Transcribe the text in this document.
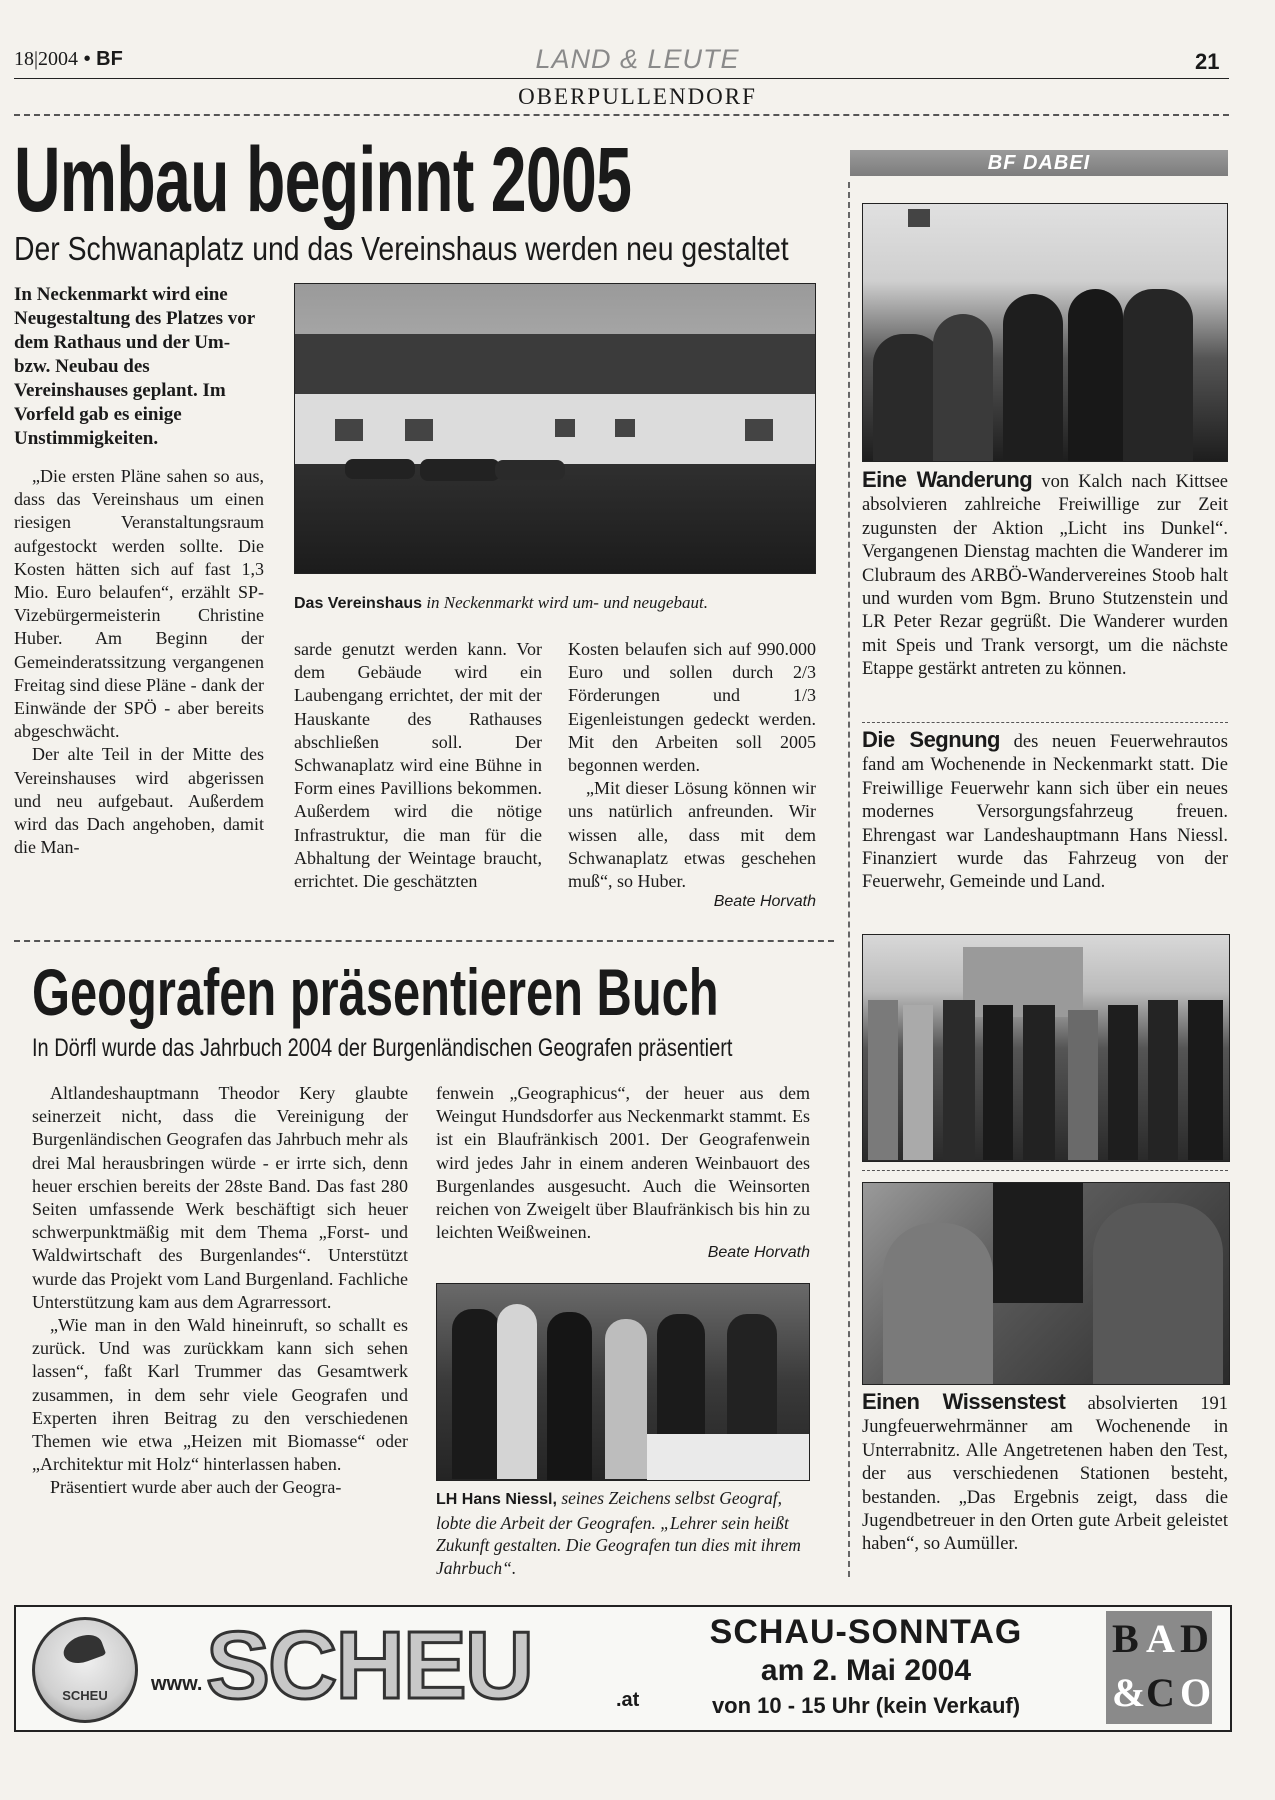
18|2004 • BF	LAND & LEUTE	21
OBERPULLENDORF
Umbau beginnt 2005
Der Schwanaplatz und das Vereinshaus werden neu gestaltet

In Neckenmarkt wird eine Neugestaltung des Platzes vor dem Rathaus und der Um-bzw. Neubau des Vereinshauses geplant. Im Vorfeld gab es einige Unstimmigkeiten.

„Die ersten Pläne sahen so aus, dass das Vereinshaus um einen riesigen Veranstaltungsraum aufgestockt werden sollte. Die Kosten hätten sich auf fast 1,3 Mio. Euro belaufen“, erzählt SP-Vizebürgermeisterin Christine Huber. Am Beginn der Gemeinderatssitzung vergangenen Freitag sind diese Pläne - dank der Einwände der SPÖ - aber bereits abgeschwächt.

Der alte Teil in der Mitte des Vereinshauses wird abgerissen und neu aufgebaut. Außerdem wird das Dach angehoben, damit die Man-

Das Vereinshaus in Neckenmarkt wird um- und neugebaut.

sarde genutzt werden kann. Vor dem Gebäude wird ein Laubengang errichtet, der mit der Hauskante des Rathauses abschließen soll. Der Schwanaplatz wird eine Bühne in Form eines Pavillions bekommen. Außerdem wird die nötige Infrastruktur, die man für die Abhaltung der Weintage braucht, errichtet. Die geschätzten

Kosten belaufen sich auf 990.000 Euro und sollen durch 2/3 Förderungen und 1/3 Eigenleistungen gedeckt werden. Mit den Arbeiten soll 2005 begonnen werden.

„Mit dieser Lösung können wir uns natürlich anfreunden. Wir wissen alle, dass mit dem Schwanaplatz etwas geschehen muß“, so Huber.

Beate Horvath

Geografen präsentieren Buch
In Dörfl wurde das Jahrbuch 2004 der Burgenländischen Geografen präsentiert

Altlandeshauptmann Theodor Kery glaubte seinerzeit nicht, dass die Vereinigung der Burgenländischen Geografen das Jahrbuch mehr als drei Mal herausbringen würde - er irrte sich, denn heuer erschien bereits der 28ste Band. Das fast 280 Seiten umfassende Werk beschäftigt sich heuer schwerpunktmäßig mit dem Thema „Forst- und Waldwirtschaft des Burgenlandes“. Unterstützt wurde das Projekt vom Land Burgenland. Fachliche Unterstützung kam aus dem Agrarressort.

„Wie man in den Wald hineinruft, so schallt es zurück. Und was zurückkam kann sich sehen lassen“, faßt Karl Trummer das Gesamtwerk zusammen, in dem sehr viele Geografen und Experten ihren Beitrag zu den verschiedenen Themen wie etwa „Heizen mit Biomasse“ oder „Architektur mit Holz“ hinterlassen haben.

Präsentiert wurde aber auch der Geogra-

fenwein „Geographicus“, der heuer aus dem Weingut Hundsdorfer aus Neckenmarkt stammt. Es ist ein Blaufränkisch 2001. Der Geografenwein wird jedes Jahr in einem anderen Weinbauort des Burgenlandes ausgesucht. Auch die Weinsorten reichen von Zweigelt über Blaufränkisch bis hin zu leichten Weißweinen.

Beate Horvath

LH Hans Niessl, seines Zeichens selbst Geograf, lobte die Arbeit der Geografen. „Lehrer sein heißt Zukunft gestalten. Die Geografen tun dies mit ihrem Jahrbuch“.
BF DABEI

Eine Wanderung von Kalch nach Kittsee absolvieren zahlreiche Freiwillige zur Zeit zugunsten der Aktion „Licht ins Dunkel“. Vergangenen Dienstag machten die Wanderer im Clubraum des ARBÖ-Wandervereines Stoob halt und wurden vom Bgm. Bruno Stutzenstein und LR Peter Rezar gegrüßt. Die Wanderer wurden mit Speis und Trank versorgt, um die nächste Etappe gestärkt antreten zu können.

Die Segnung des neuen Feuerwehrautos fand am Wochenende in Neckenmarkt statt. Die Freiwillige Feuerwehr kann sich über ein neues modernes Versorgungsfahrzeug freuen. Ehrengast war Landeshauptmann Hans Niessl. Finanziert wurde das Fahrzeug von der Feuerwehr, Gemeinde und Land.

Einen Wissenstest absolvierten 191 Jungfeuerwehrmänner am Wochenende in Unterrabnitz. Alle Angetretenen haben den Test, der aus verschiedenen Stationen besteht, bestanden. „Das Ergebnis zeigt, dass die Jugendbetreuer in den Orten gute Arbeit geleistet haben“, so Aumüller.

SCHEU
www. SCHEU	.at
SCHAU-SONNTAG
am 2. Mai 2004
von 10 - 15 Uhr (kein Verkauf)
B A D
& C O
